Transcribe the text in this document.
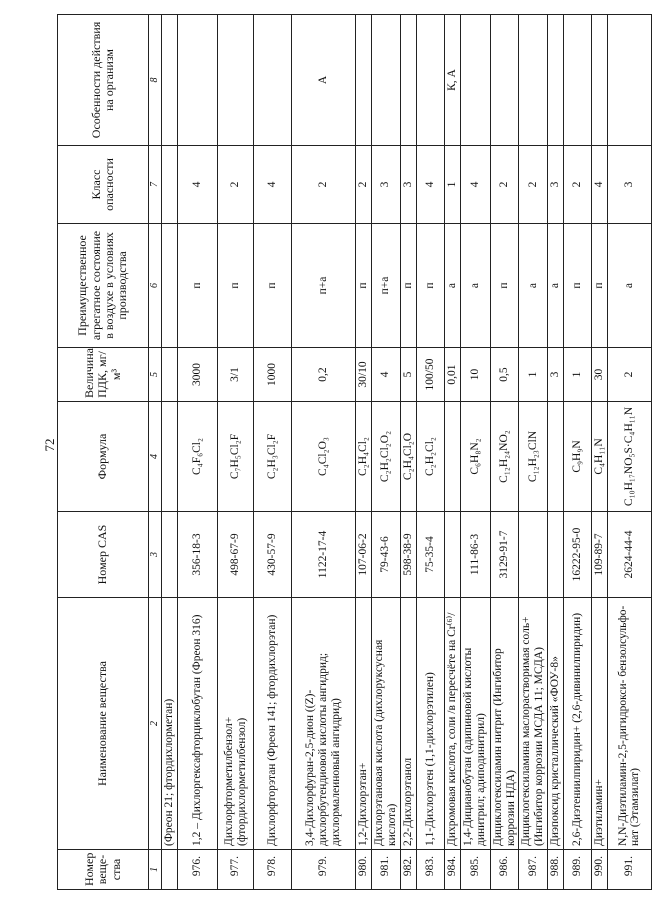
72
Номер веще-ства	Наименование вещества	Номер CAS	Формула	Величина ПДК, мг/м³	Преимущественное агрегатное состояние в воздухе в условиях производства	Класс опасности	Особенности действия на организм
1	2	3	4	5	6	7	8
	(Фреон 21; фтордихлорметан)						
976.	1,2 – Дихлоргексафторциклобутан (Фреон 316)	356-18-3	C₄F₆Cl₂	3000	п	4	
977.	Дихлорфторметилбензол+ (фтордихлорметилбензол)	498-67-9	C₇H₅Cl₂F	3/1	п	2	
978.	Дихлорфторэтан (Фреон 141; фтордихлорэтан)	430-57-9	C₂H₃Cl₂F	1000	п	4	
979.	3,4-Дихлорфуран-2,5-дион ((Z)-дихлорбутендиовой кислоты ангидрид; дихлормалеиновый ангидрид)	1122-17-4	C₄Cl₂O₃	0,2	п+а	2	А
980.	1,2-Дихлорэтан+	107-06-2	C₂H₄Cl₂	30/10	п	2	
981.	Дихлорэтановая кислота (дихлоруксусная кислота)	79-43-6	C₂H₂Cl₂O₂	4	п+а	3	
982.	2,2-Дихлорэтанол	598-38-9	C₂H₄Cl₂O	5	п	3	
983.	1,1-Дихлорэтен (1,1-дихлорэтилен)	75-35-4	C₂H₂Cl₂	100/50	п	4	
984.	Дихромовая кислота, соли /в пересчёте на Cr⁽⁶⁾/			0,01	а	1	К, А
985.	1,4-Дицианобутан (адипиновой кислоты динитрил; адиподинитрил)	111-86-3	C₆H₈N₂	10	а	4	
986.	Дициклогексиламин нитрит (Ингибитор коррозии НДА)	3129-91-7	C₁₂H₂₄NO₂	0,5	п	2	
987.	Дициклогексиламина маслорастворимая соль+ (Ингибитор коррозии МСДА 11; МСДА)		C₁₂H₂₃ClN	1	а	2	
988.	Диэпоксид кристаллический «ФОУ-8»			3	а	3	
989.	2,6-Диэтениилпиридин+ (2,6-дивинилпиридин)	16222-95-0	C₉H₉N	1	п	2	
990.	Диэтиламин+	109-89-7	C₄H₁₁N	30	п	4	
991.	N,N-Диэтиламин-2,5-дигидрокси- бензолсульфо- нат (Этамзилат)	2624-44-4	C₁₀H₁₇NO₅S·C₄H₁₁N	2	а	3	
